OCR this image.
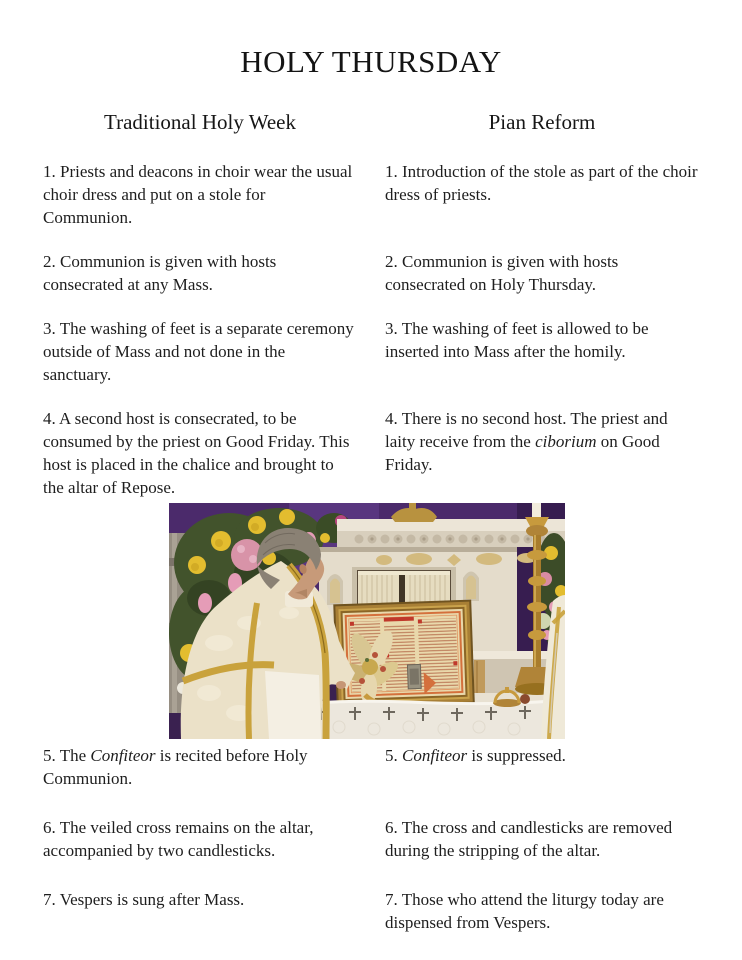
HOLY THURSDAY
Traditional Holy Week	Pian Reform

1. Priests and deacons in choir wear the usual choir dress and put on a stole for Communion.

1. Introduction of the stole as part of the choir dress of priests.

2. Communion is given with hosts consecrated at any Mass.

2. Communion is given with hosts consecrated on Holy Thursday.

3. The washing of feet is a separate ceremony outside of Mass and not done in the sanctuary.

3. The washing of feet is allowed to be inserted into Mass after the homily.

4. A second host is consecrated, to be consumed by the priest on Good Friday. This host is placed in the chalice and brought to the altar of Repose.

4. There is no second host. The priest and laity receive from the ciborium on Good Friday.

5. The Confiteor is recited before Holy Communion.

5. Confiteor is suppressed.

6. The veiled cross remains on the altar, accompanied by two candlesticks.

6. The cross and candlesticks are removed during the stripping of the altar.

7. Vespers is sung after Mass.	7. Those who attend the liturgy today are dispensed from Vespers.
